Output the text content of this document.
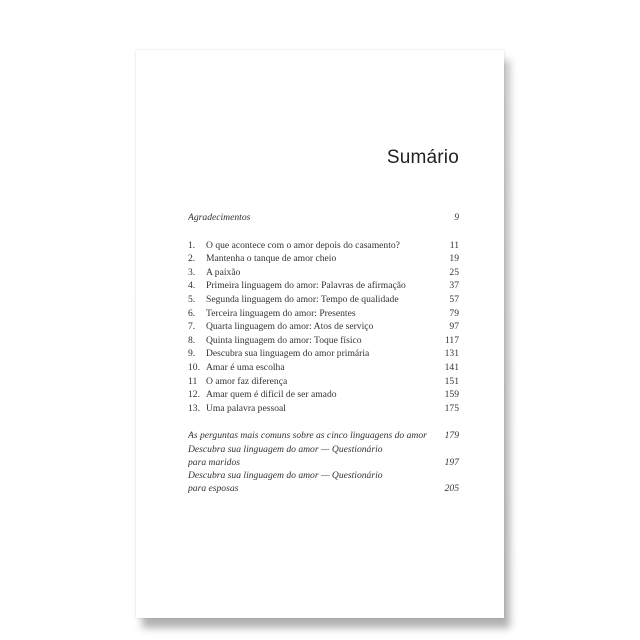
Sumário
Agradecimentos	9
1.	O que acontece com o amor depois do casamento?	11
2.	Mantenha o tanque de amor cheio	19
3.	A paixão	25
4.	Primeira linguagem do amor: Palavras de afirmação	37
5.	Segunda linguagem do amor: Tempo de qualidade	57
6.	Terceira linguagem do amor: Presentes	79
7.	Quarta linguagem do amor: Atos de serviço	97
8.	Quinta linguagem do amor: Toque físico	117
9.	Descubra sua linguagem do amor primária	131
10. Amar é uma escolha	141
11 O amor faz diferença	151
12. Amar quem é difícil de ser amado	159
13. Uma palavra pessoal	175
As perguntas mais comuns sobre as cinco linguagens do amor	179
Descubra sua linguagem do amor — Questionário
para maridos	197
Descubra sua linguagem do amor — Questionário
para esposas	205
